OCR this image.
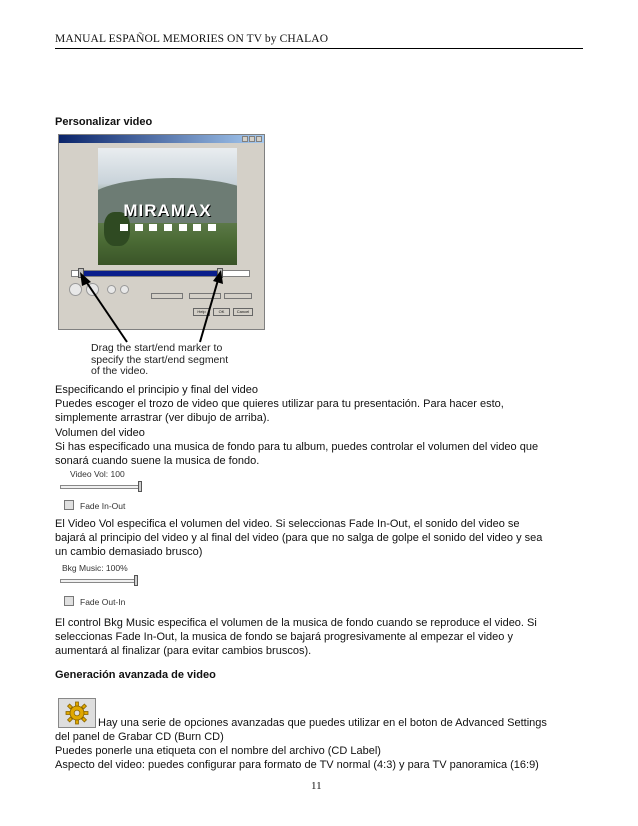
MANUAL ESPAÑOL MEMORIES ON TV by CHALAO
Personalizar video
MIRAMAX
Help	OK	Cancel
Drag the start/end marker to
specify the start/end segment
of the video.
Especificando el principio y final del video
Puedes escoger el trozo de video que quieres utilizar para tu presentación. Para hacer esto,
simplemente arrastrar (ver dibujo de arriba).
Volumen del video
Si has especificado una musica de fondo para tu album, puedes controlar el volumen del video que
sonará cuando suene la musica de fondo.
Video Vol: 100
Fade In-Out
El Video Vol especifica el volumen del video. Si seleccionas Fade In-Out, el sonido del video se
bajará al principio del video y al final del video (para que no salga de golpe el sonido del video y sea
un cambio demasiado brusco)
Bkg Music: 100%
Fade Out-In
El control Bkg Music especifica el volumen de la musica de fondo cuando se reproduce el video. Si
seleccionas Fade In-Out, la musica de fondo se bajará progresivamente al empezar el video y
aumentará al finalizar (para evitar cambios bruscos).
Generación avanzada de video
Hay una serie de opciones avanzadas que puedes utilizar en el boton de Advanced Settings
del panel de Grabar CD (Burn CD)
Puedes ponerle una etiqueta con el nombre del archivo (CD Label)
Aspecto del video: puedes configurar para formato de TV normal (4:3) y para TV panoramica (16:9)
11
